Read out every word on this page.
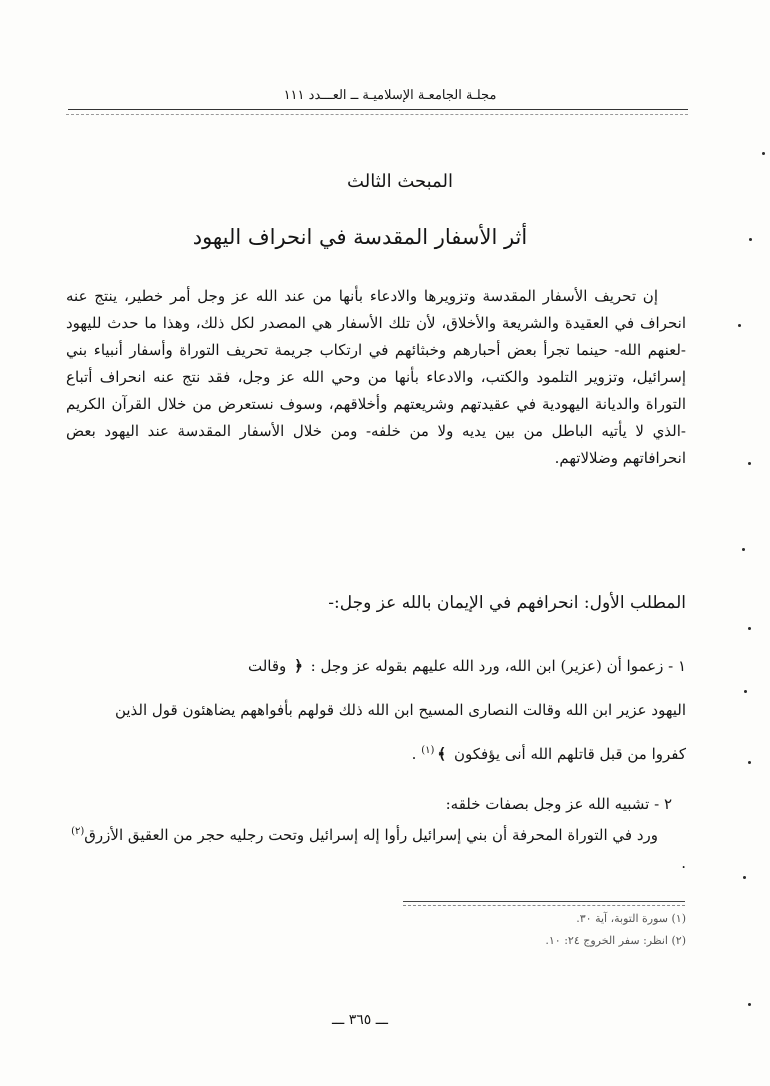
مجلـة الجامعـة الإسلاميـة ــ العـــدد ١١١
المبحث الثالث
أثر الأسفار المقدسة في انحراف اليهود

إن تحريف الأسفار المقدسة وتزويرها والادعاء بأنها من عند الله عز وجل أمر خطير، ينتج عنه انحراف في العقيدة والشريعة والأخلاق، لأن تلك الأسفار هي المصدر لكل ذلك، وهذا ما حدث لليهود -لعنهم الله- حينما تجرأ بعض أحبارهم وخبثائهم في ارتكاب جريمة تحريف التوراة وأسفار أنبياء بني إسرائيل، وتزوير التلمود والكتب، والادعاء بأنها من وحي الله عز وجل، فقد نتج عنه انحراف أتباع التوراة والديانة اليهودية في عقيدتهم وشريعتهم وأخلاقهم، وسوف نستعرض من خلال القرآن الكريم -الذي لا يأتيه الباطل من بين يديه ولا من خلفه- ومن خلال الأسفار المقدسة عند اليهود بعض انحرافاتهم وضلالاتهم.

المطلب الأول: انحرافهم في الإيمان بالله عز وجل:-

١ - زعموا أن (عزير) ابن الله، ورد الله عليهم بقوله عز وجل : ﴿ وقالت

اليهود عزير ابن الله وقالت النصارى المسيح ابن الله ذلك قولهم بأفواههم يضاهئون قول الذين

كفروا من قبل قاتلهم الله أنى يؤفكون ﴾$^{(١)}$ .

٢ - تشبيه الله عز وجل بصفات خلقه:

ورد في التوراة المحرفة أن بني إسرائيل رأوا إله إسرائيل وتحت رجليه حجر من العقيق الأزرق$^{(٢)}$ .

(١) سورة التوبة، آية ٣٠.

(٢) انظر: سفر الخروج ٢٤: ١٠.

ـــ ٣٦٥ ـــ
